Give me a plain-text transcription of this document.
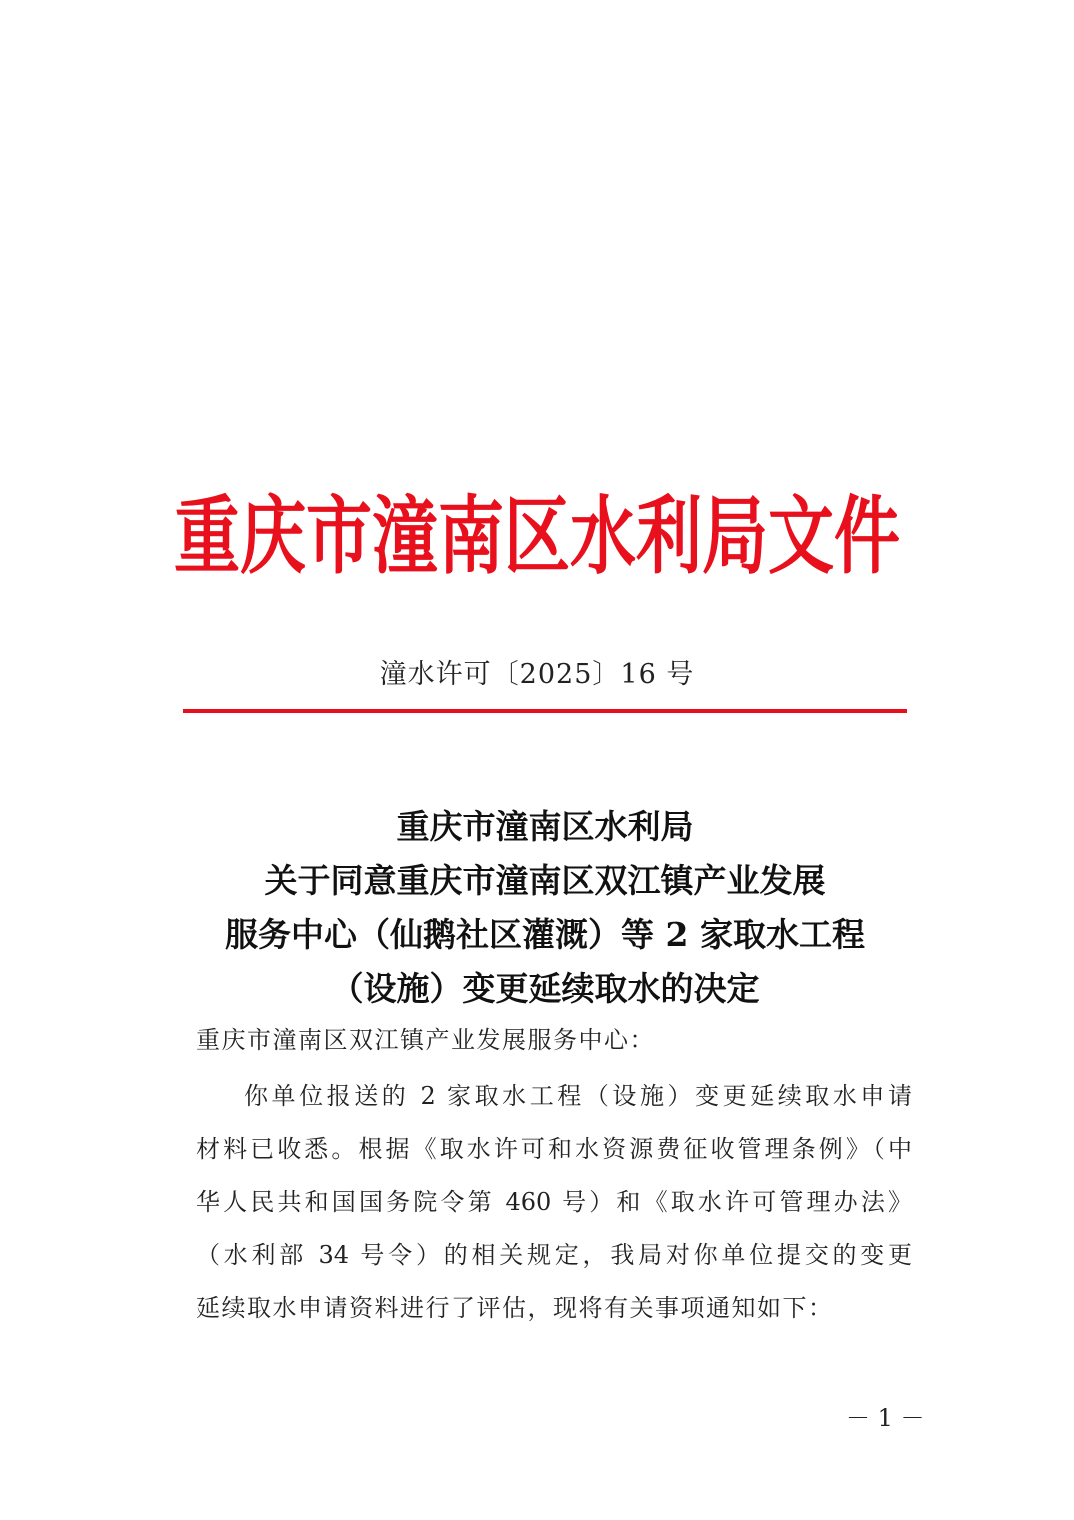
重庆市潼南区水利局文件
潼水许可〔2025〕16 号
重庆市潼南区水利局
关于同意重庆市潼南区双江镇产业发展
服务中心（仙鹅社区灌溉）等 2 家取水工程
（设施）变更延续取水的决定
重庆市潼南区双江镇产业发展服务中心：
你单位报送的 2 家取水工程（设施）变更延续取水申请
材料已收悉。根据《取水许可和水资源费征收管理条例》（中
华人民共和国国务院令第 460 号）和《取水许可管理办法》
（水利部 34 号令）的相关规定，我局对你单位提交的变更
延续取水申请资料进行了评估，现将有关事项通知如下：
－ 1 －
